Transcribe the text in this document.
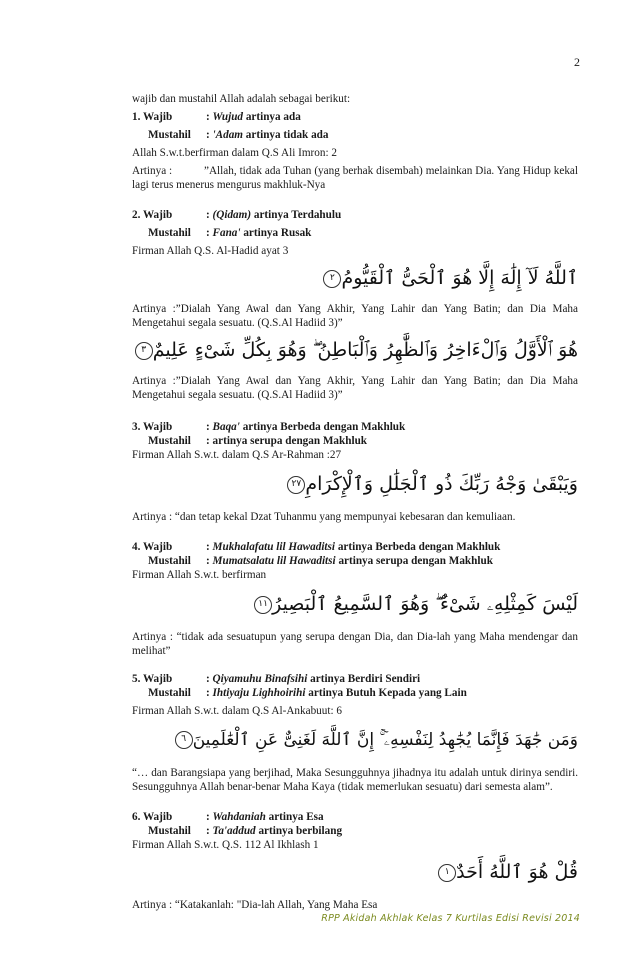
2

wajib dan mustahil Allah adalah sebagai berikut:

1. Wajib	: Wujud artinya ada
Mustahil	: 'Adam artinya tidak ada

Allah S.w.t.berfirman dalam Q.S Ali Imron: 2

Artinya :	”Allah, tidak ada Tuhan (yang berhak disembah) melainkan Dia. Yang Hidup kekal lagi terus menerus mengurus makhluk-Nya
2. Wajib	: (Qidam) artinya Terdahulu
Mustahil	: Fana' artinya Rusak

Firman Allah Q.S. Al-Hadid ayat 3

ٱللَّهُ لَآ إِلَٰهَ إِلَّا هُوَ ٱلْحَىُّ ٱلْقَيُّومُ٢
Artinya :”Dialah Yang Awal dan Yang Akhir, Yang Lahir dan Yang Batin; dan Dia Maha Mengetahui segala sesuatu. (Q.S.Al Hadiid 3)”
هُوَ ٱلْأَوَّلُ وَٱلْءَاخِرُ وَٱلظَّٰهِرُ وَٱلْبَاطِنُ ۖ وَهُوَ بِكُلِّ شَىْءٍ عَلِيمٌ٣
Artinya :”Dialah Yang Awal dan Yang Akhir, Yang Lahir dan Yang Batin; dan Dia Maha Mengetahui segala sesuatu. (Q.S.Al Hadiid 3)”
3. Wajib	: Baqa' artinya Berbeda dengan Makhluk
Mustahil	: artinya serupa dengan Makhluk

Firman Allah S.w.t. dalam Q.S Ar-Rahman :27

وَيَبْقَىٰ وَجْهُ رَبِّكَ ذُو ٱلْجَلَٰلِ وَٱلْإِكْرَامِ٢٧
Artinya : “dan tetap kekal Dzat Tuhanmu yang mempunyai kebesaran dan kemuliaan.
4. Wajib	: Mukhalafatu lil Hawaditsi artinya Berbeda dengan Makhluk
Mustahil	: Mumatsalatu lil Hawaditsi artinya serupa dengan Makhluk

Firman Allah S.w.t. berfirman

لَيْسَ كَمِثْلِهِۦ شَىْءٌ ۖ وَهُوَ ٱلسَّمِيعُ ٱلْبَصِيرُ١١
Artinya : “tidak ada sesuatupun yang serupa dengan Dia, dan Dia-lah yang Maha mendengar dan melihat”
5. Wajib	: Qiyamuhu Binafsihi artinya Berdiri Sendiri
Mustahil	: Ihtiyaju Lighhoirihi artinya Butuh Kepada yang Lain

Firman Allah S.w.t. dalam Q.S Al-Ankabuut: 6

وَمَن جَٰهَدَ فَإِنَّمَا يُجَٰهِدُ لِنَفْسِهِۦٓ ۚ إِنَّ ٱللَّهَ لَغَنِىٌّ عَنِ ٱلْعَٰلَمِينَ٦
“… dan Barangsiapa yang berjihad, Maka Sesungguhnya jihadnya itu adalah untuk dirinya sendiri. Sesungguhnya Allah benar-benar Maha Kaya (tidak memerlukan sesuatu) dari semesta alam”.
6. Wajib	: Wahdaniah artinya Esa
Mustahil	: Ta'addud artinya berbilang

Firman Allah S.w.t. Q.S. 112 Al Ikhlash 1

قُلْ هُوَ ٱللَّهُ أَحَدٌ١
Artinya : “Katakanlah: "Dia-lah Allah, Yang Maha Esa
RPP Akidah Akhlak Kelas 7 Kurtilas Edisi Revisi 2014
